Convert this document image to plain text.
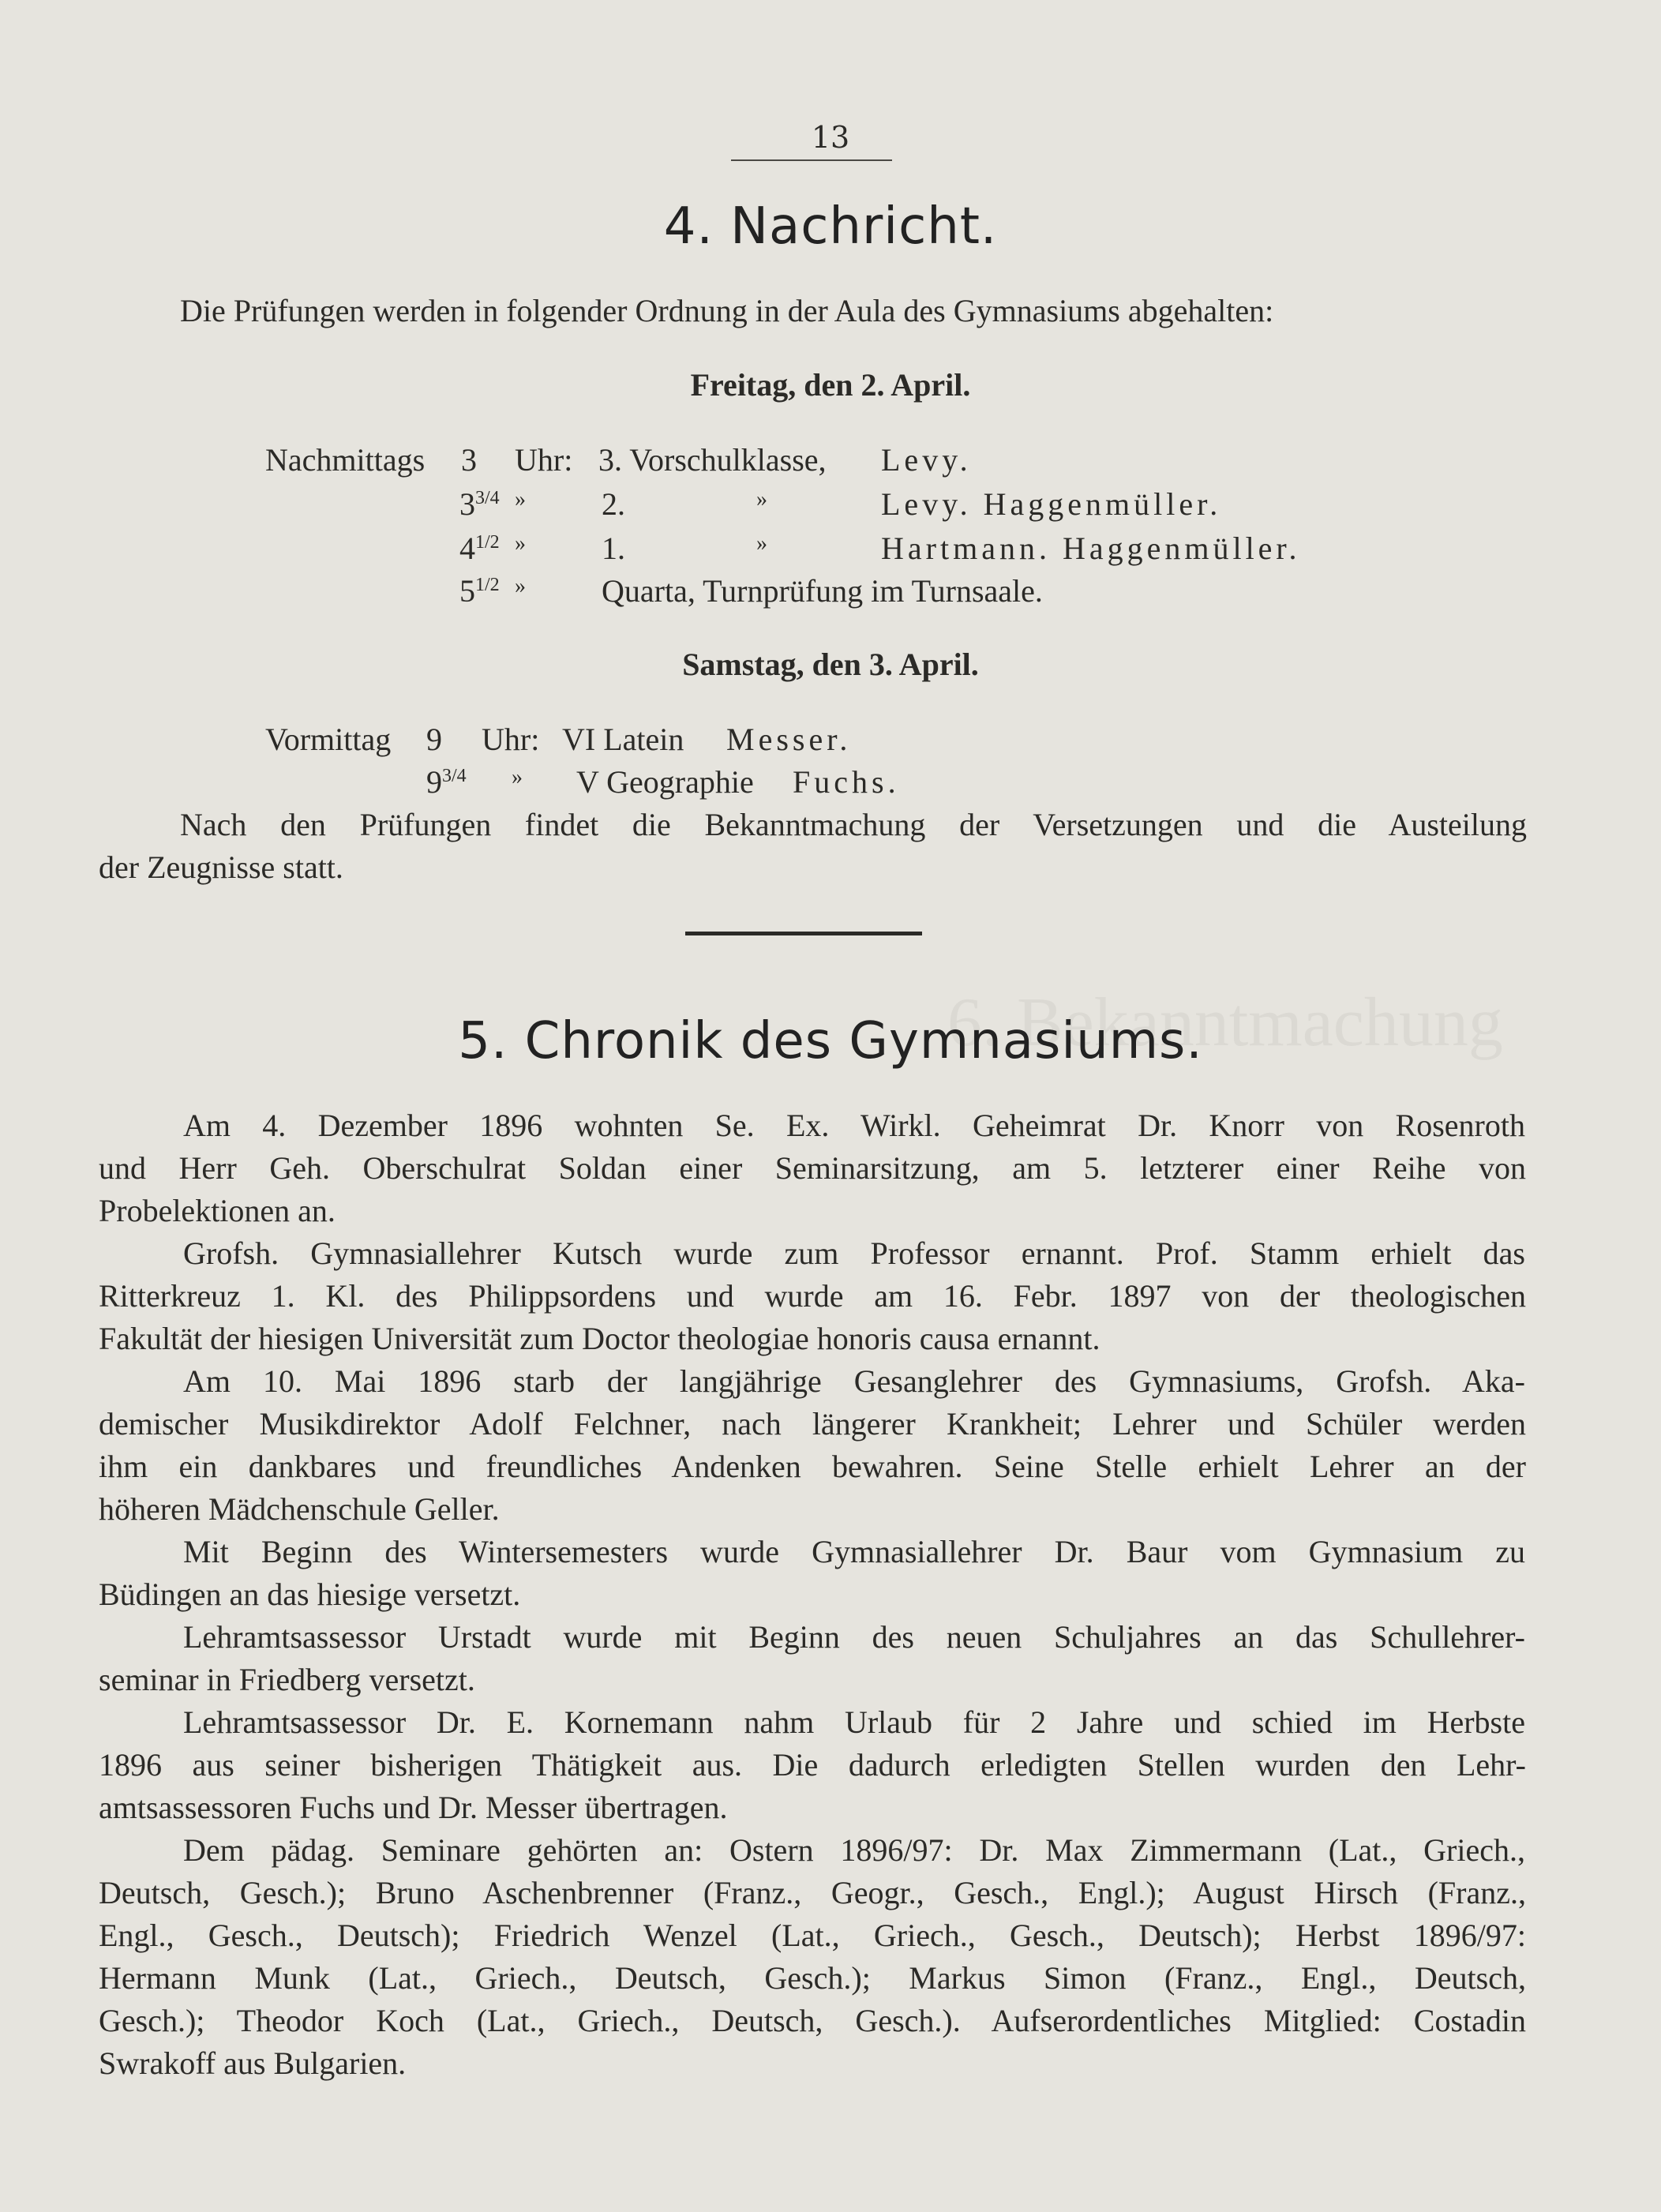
6. Bekanntmachung
13
4. Nachricht.
Die Prüfungen werden in folgender Ordnung in der Aula des Gymnasiums abgehalten:
Freitag, den 2. April.
Nachmittags 3 Uhr: 3. Vorschulklasse, Levy.
$3^{3/4}$ » 2.	»	Levy. Haggenmüller.
$4^{1/2}$ » 1.	»	Hartmann. Haggenmüller.
$5^{1/2}$ » Quarta, Turnprüfung im Turnsaale.
Samstag, den 3. April.
Vormittag 9 Uhr: VI Latein Messer.
$9^{3/4}$ » V Geographie Fuchs.
Nach den Prüfungen findet die Bekanntmachung der Versetzungen und die Austeilung
der Zeugnisse statt.
5. Chronik des Gymnasiums.
Am 4. Dezember 1896 wohnten Se. Ex. Wirkl. Geheimrat Dr. Knorr von Rosenroth
und Herr Geh. Oberschulrat Soldan einer Seminarsitzung, am 5. letzterer einer Reihe von
Probelektionen an.
Grofsh. Gymnasiallehrer Kutsch wurde zum Professor ernannt. Prof. Stamm erhielt das
Ritterkreuz 1. Kl. des Philippsordens und wurde am 16. Febr. 1897 von der theologischen
Fakultät der hiesigen Universität zum Doctor theologiae honoris causa ernannt.
Am 10. Mai 1896 starb der langjährige Gesanglehrer des Gymnasiums, Grofsh. Aka-
demischer Musikdirektor Adolf Felchner, nach längerer Krankheit; Lehrer und Schüler werden
ihm ein dankbares und freundliches Andenken bewahren. Seine Stelle erhielt Lehrer an der
höheren Mädchenschule Geller.
Mit Beginn des Wintersemesters wurde Gymnasiallehrer Dr. Baur vom Gymnasium zu
Büdingen an das hiesige versetzt.
Lehramtsassessor Urstadt wurde mit Beginn des neuen Schuljahres an das Schullehrer-
seminar in Friedberg versetzt.
Lehramtsassessor Dr. E. Kornemann nahm Urlaub für 2 Jahre und schied im Herbste
1896 aus seiner bisherigen Thätigkeit aus. Die dadurch erledigten Stellen wurden den Lehr-
amtsassessoren Fuchs und Dr. Messer übertragen.
Dem pädag. Seminare gehörten an: Ostern 1896/97: Dr. Max Zimmermann (Lat., Griech.,
Deutsch, Gesch.); Bruno Aschenbrenner (Franz., Geogr., Gesch., Engl.); August Hirsch (Franz.,
Engl., Gesch., Deutsch); Friedrich Wenzel (Lat., Griech., Gesch., Deutsch); Herbst 1896/97:
Hermann Munk (Lat., Griech., Deutsch, Gesch.); Markus Simon (Franz., Engl., Deutsch,
Gesch.); Theodor Koch (Lat., Griech., Deutsch, Gesch.). Aufserordentliches Mitglied: Costadin
Swrakoff aus Bulgarien.
